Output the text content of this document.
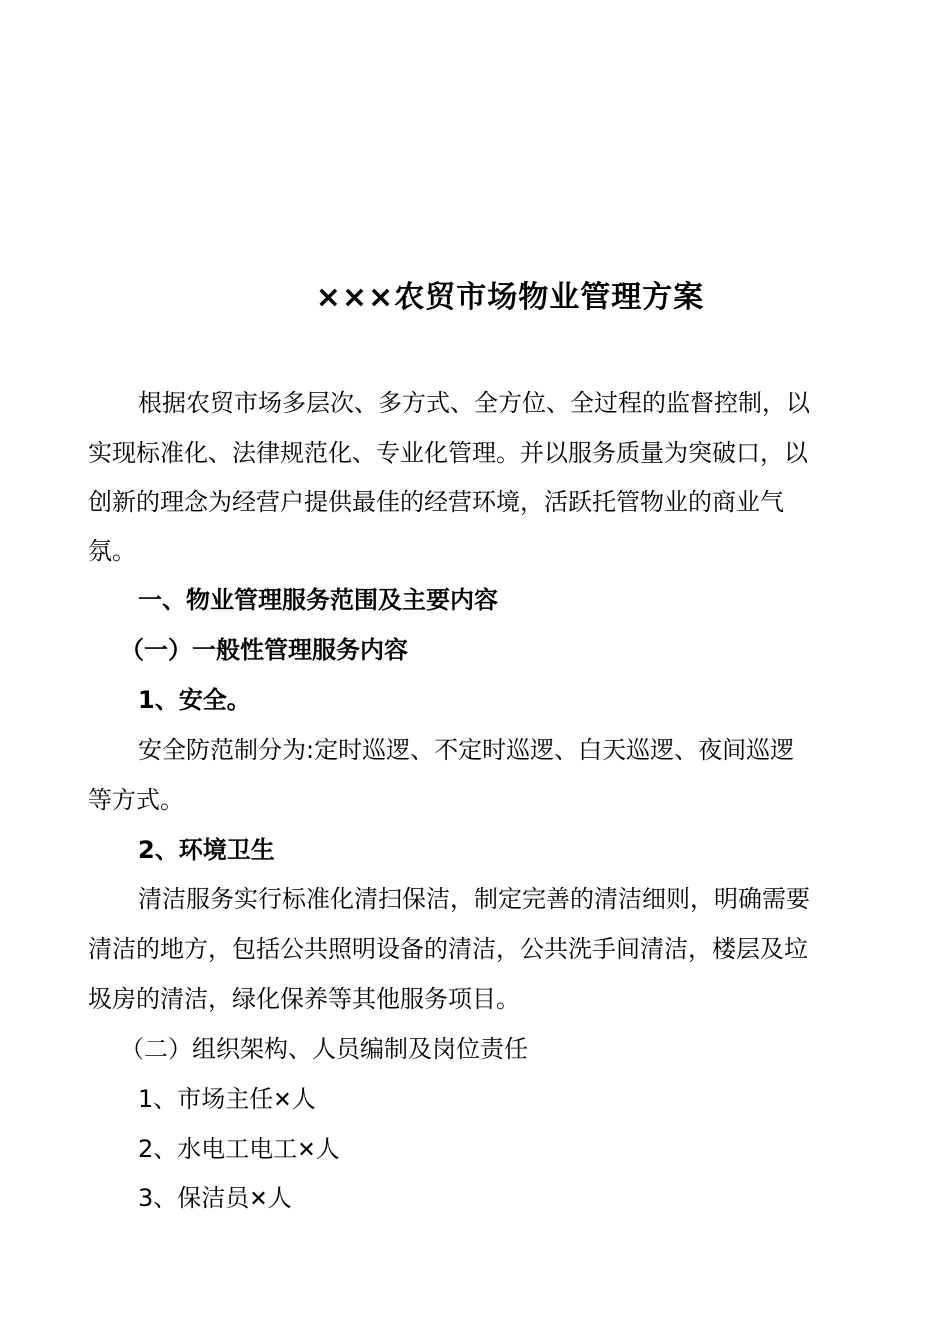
×××农贸市场物业管理方案

根据农贸市场多层次、多方式、全方位、全过程的监督控制，以

实现标准化、法律规范化、专业化管理。并以服务质量为突破口，以

创新的理念为经营户提供最佳的经营环境，活跃托管物业的商业气

氛。

一、物业管理服务范围及主要内容

（一）一般性管理服务内容

1、安全。

安全防范制分为:定时巡逻、不定时巡逻、白天巡逻、夜间巡逻

等方式。

2、环境卫生

清洁服务实行标准化清扫保洁，制定完善的清洁细则，明确需要

清洁的地方，包括公共照明设备的清洁，公共洗手间清洁，楼层及垃

圾房的清洁，绿化保养等其他服务项目。

（二）组织架构、人员编制及岗位责任

1、市场主任✕人

2、水电工电工✕人

3、保洁员✕人
